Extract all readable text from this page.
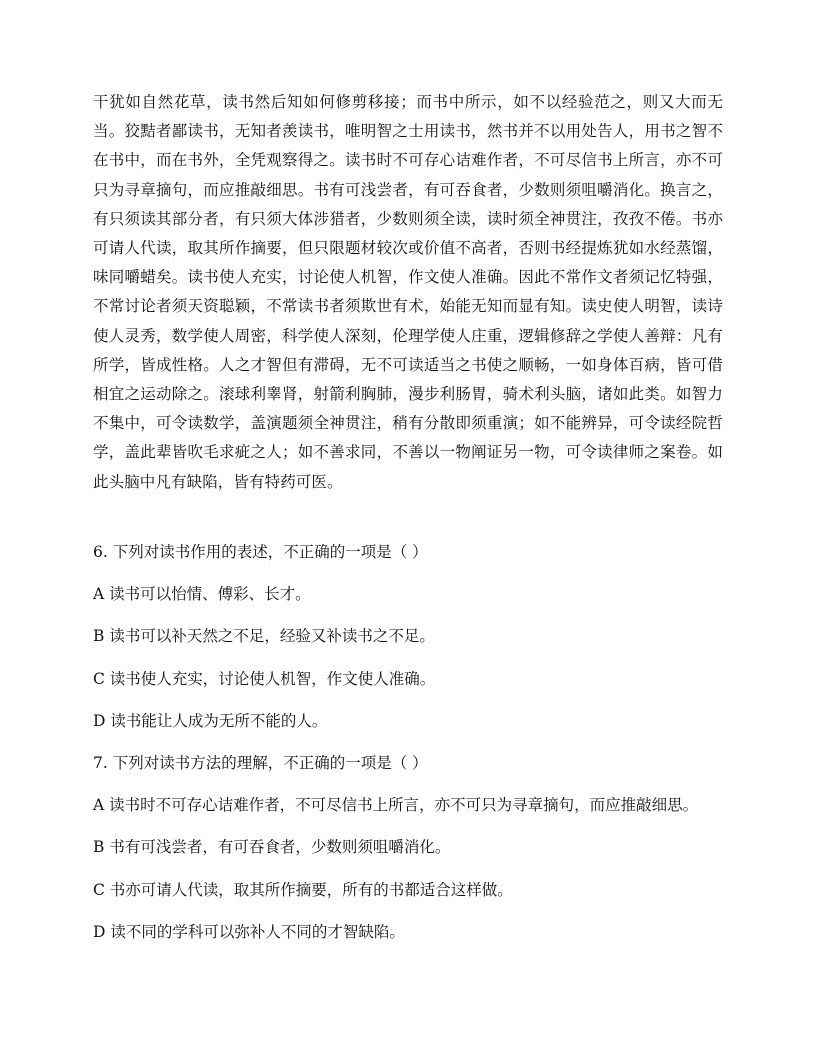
干犹如自然花草，读书然后知如何修剪移接；而书中所示，如不以经验范之，则又大而无当。狡黠者鄙读书，无知者羡读书，唯明智之士用读书，然书并不以用处告人，用书之智不在书中，而在书外，全凭观察得之。读书时不可存心诘难作者，不可尽信书上所言，亦不可只为寻章摘句，而应推敲细思。书有可浅尝者，有可吞食者，少数则须咀嚼消化。换言之，有只须读其部分者，有只须大体涉猎者，少数则须全读，读时须全神贯注，孜孜不倦。书亦可请人代读，取其所作摘要，但只限题材较次或价值不高者，否则书经提炼犹如水经蒸馏，味同嚼蜡矣。读书使人充实，讨论使人机智，作文使人准确。因此不常作文者须记忆特强，不常讨论者须天资聪颖，不常读书者须欺世有术，始能无知而显有知。读史使人明智，读诗使人灵秀，数学使人周密，科学使人深刻，伦理学使人庄重，逻辑修辞之学使人善辩：凡有所学，皆成性格。人之才智但有滞碍，无不可读适当之书使之顺畅，一如身体百病，皆可借相宜之运动除之。滚球利睾肾，射箭利胸肺，漫步利肠胃，骑术利头脑，诸如此类。如智力不集中，可令读数学，盖演题须全神贯注，稍有分散即须重演；如不能辨异，可令读经院哲学，盖此辈皆吹毛求疵之人；如不善求同，不善以一物阐证另一物，可令读律师之案卷。如此头脑中凡有缺陷，皆有特药可医。
6. 下列对读书作用的表述，不正确的一项是（ ）
A 读书可以怡情、傅彩、长才。
B 读书可以补天然之不足，经验又补读书之不足。
C 读书使人充实，讨论使人机智，作文使人准确。
D 读书能让人成为无所不能的人。
7. 下列对读书方法的理解，不正确的一项是（ ）
A 读书时不可存心诘难作者，不可尽信书上所言，亦不可只为寻章摘句，而应推敲细思。
B 书有可浅尝者，有可吞食者，少数则须咀嚼消化。
C 书亦可请人代读，取其所作摘要，所有的书都适合这样做。
D 读不同的学科可以弥补人不同的才智缺陷。
